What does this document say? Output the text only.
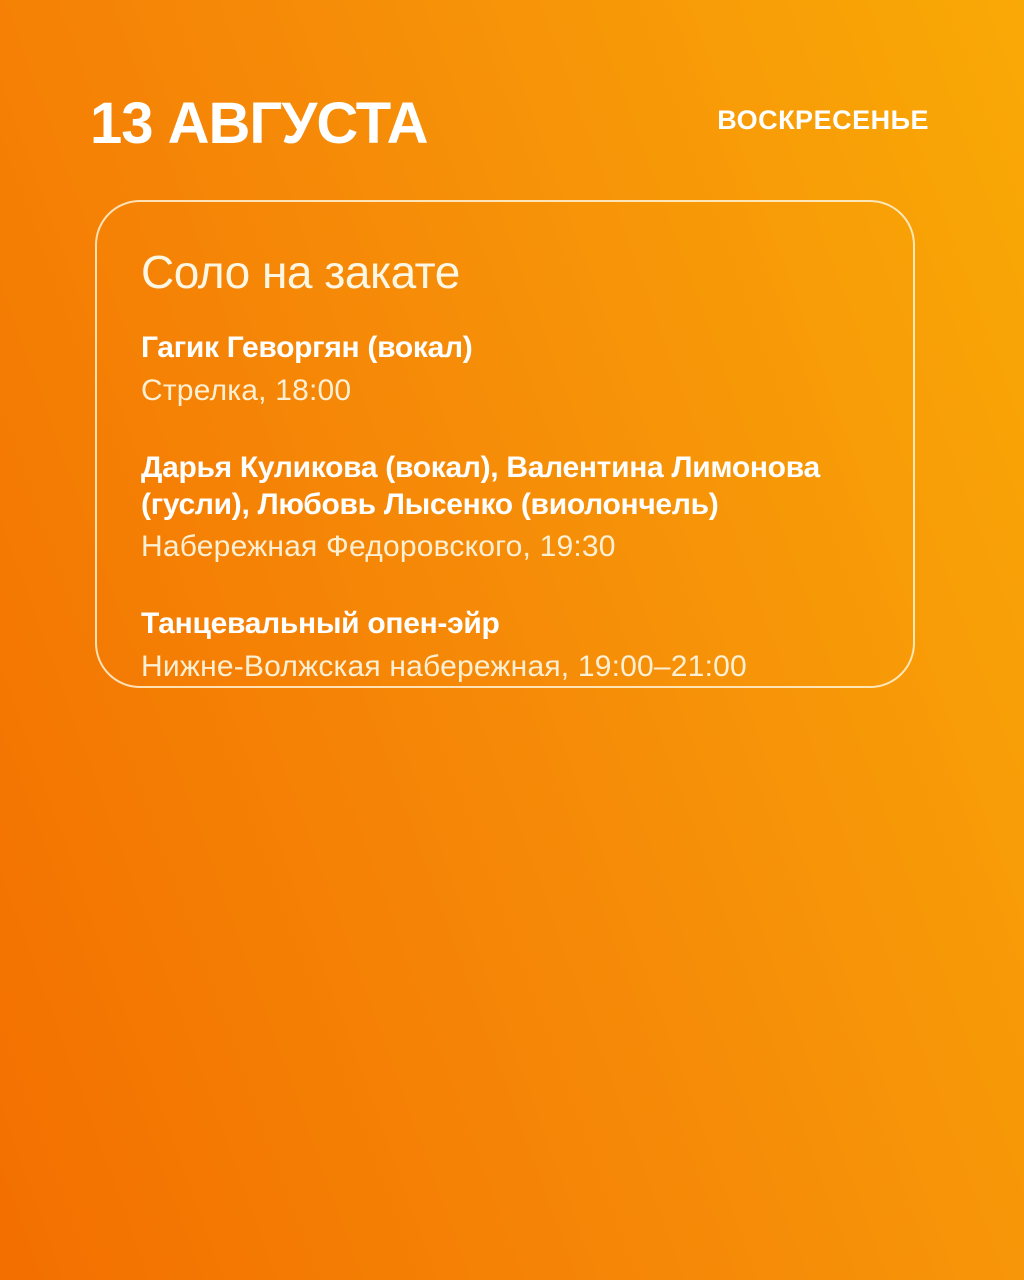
13 АВГУСТА	ВОСКРЕСЕНЬЕ
Соло на закате
Гагик Геворгян (вокал)
Стрелка, 18:00
Дарья Куликова (вокал), Валентина Лимонова (гусли), Любовь Лысенко (виолончель)
Набережная Федоровского, 19:30
Танцевальный опен-эйр
Нижне-Волжская набережная, 19:00–21:00
